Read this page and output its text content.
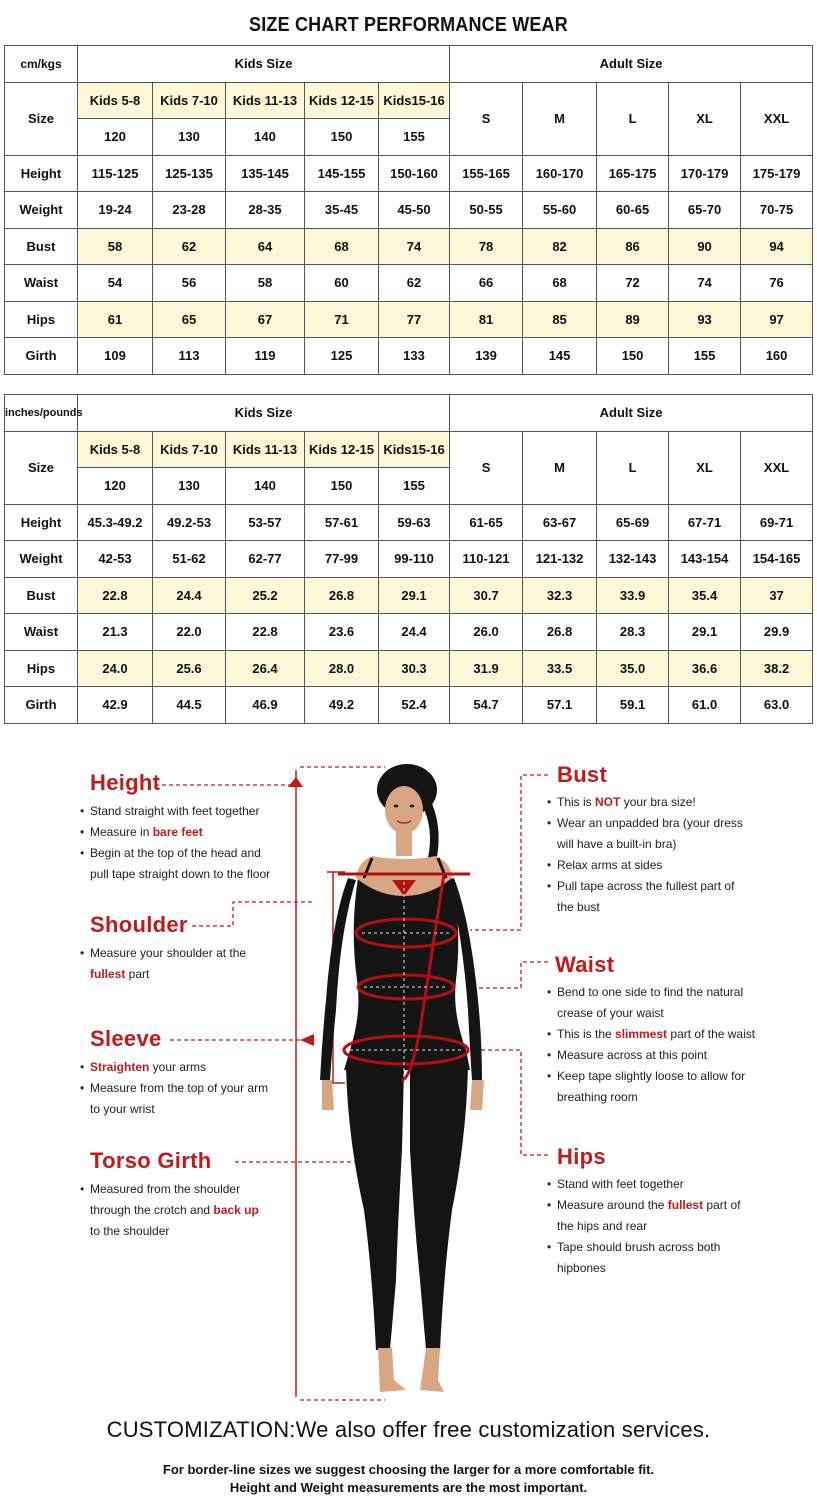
SIZE CHART PERFORMANCE WEAR
cm/kgs	Kids Size					Adult Size				
Size	Kids 5-8	Kids 7-10	Kids 11-13	Kids 12-15	Kids15-16	S	M	L	XL	XXL
	120	130	140	150	155					
Height	115-125	125-135	135-145	145-155	150-160	155-165	160-170	165-175	170-179	175-179
Weight	19-24	23-28	28-35	35-45	45-50	50-55	55-60	60-65	65-70	70-75
Bust	58	62	64	68	74	78	82	86	90	94
Waist	54	56	58	60	62	66	68	72	74	76
Hips	61	65	67	71	77	81	85	89	93	97
Girth	109	113	119	125	133	139	145	150	155	160
inches/pounds	Kids Size					Adult Size				
Size	Kids 5-8	Kids 7-10	Kids 11-13	Kids 12-15	Kids15-16	S	M	L	XL	XXL
	120	130	140	150	155					
Height	45.3-49.2	49.2-53	53-57	57-61	59-63	61-65	63-67	65-69	67-71	69-71
Weight	42-53	51-62	62-77	77-99	99-110	110-121	121-132	132-143	143-154	154-165
Bust	22.8	24.4	25.2	26.8	29.1	30.7	32.3	33.9	35.4	37
Waist	21.3	22.0	22.8	23.6	24.4	26.0	26.8	28.3	29.1	29.9
Hips	24.0	25.6	26.4	28.0	30.3	31.9	33.5	35.0	36.6	38.2
Girth	42.9	44.5	46.9	49.2	52.4	54.7	57.1	59.1	61.0	63.0
Height
• Stand straight with feet together
• Measure in bare feet
• Begin at the top of the head and
pull tape straight down to the floor
Shoulder
• Measure your shoulder at the
fullest part
Sleeve
• Straighten your arms
• Measure from the top of your arm
to your wrist
Torso Girth
• Measured from the shoulder
through the crotch and back up
to the shoulder
Bust
• This is NOT your bra size!
• Wear an unpadded bra (your dress
will have a built-in bra)
• Relax arms at sides
• Pull tape across the fullest part of
the bust
Waist
• Bend to one side to find the natural
crease of your waist
• This is the slimmest part of the waist
• Measure across at this point
• Keep tape slightly loose to allow for
breathing room
Hips
• Stand with feet together
• Measure around the fullest part of
the hips and rear
• Tape should brush across both
hipbones
CUSTOMIZATION:We also offer free customization services.
For border-line sizes we suggest choosing the larger for a more comfortable fit.
Height and Weight measurements are the most important.
